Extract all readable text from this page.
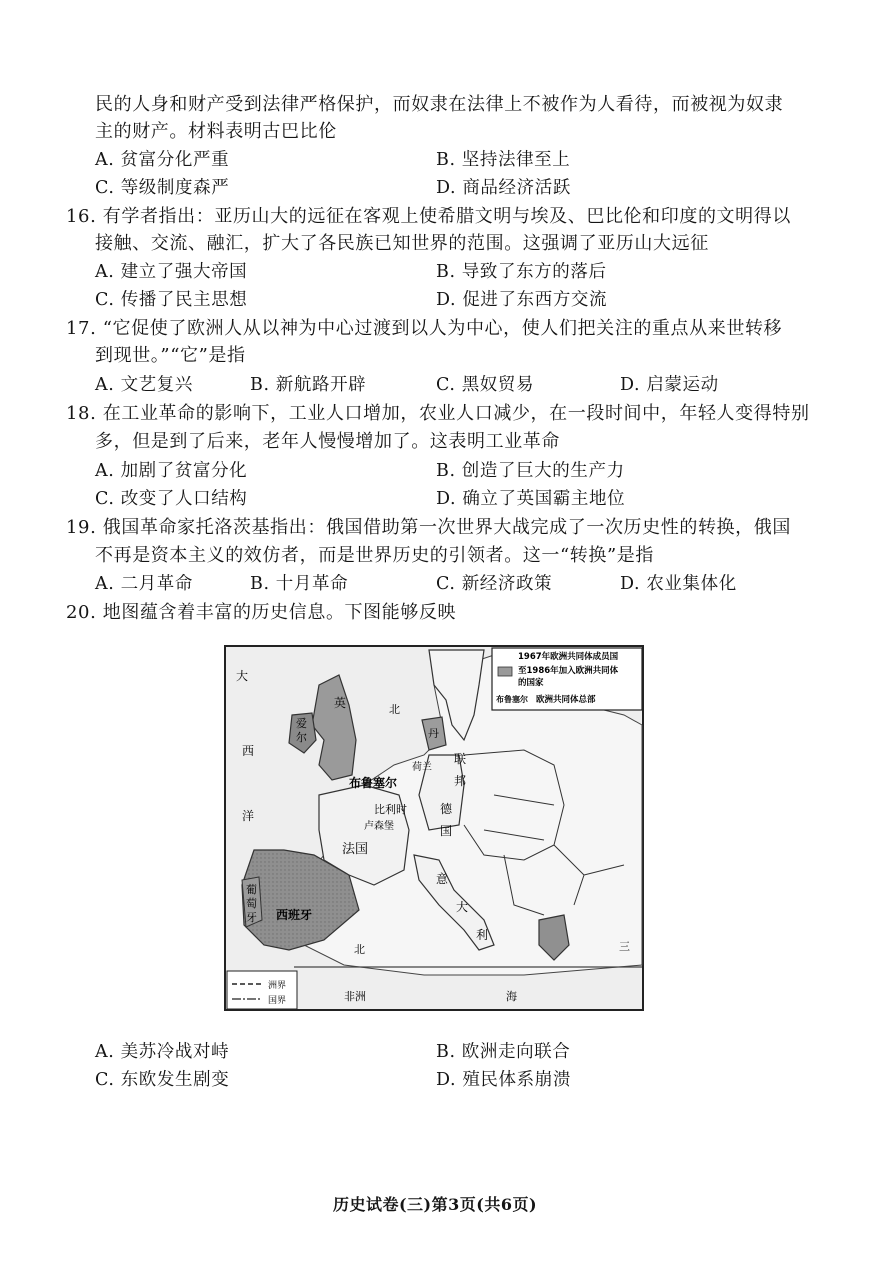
民的人身和财产受到法律严格保护，而奴隶在法律上不被作为人看待，而被视为奴隶
主的财产。材料表明古巴比伦
A. 贫富分化严重	B. 坚持法律至上
C. 等级制度森严	D. 商品经济活跃
16. 有学者指出：亚历山大的远征在客观上使希腊文明与埃及、巴比伦和印度的文明得以
接触、交流、融汇，扩大了各民族已知世界的范围。这强调了亚历山大远征
A. 建立了强大帝国	B. 导致了东方的落后
C. 传播了民主思想	D. 促进了东西方交流
17. “它促使了欧洲人从以神为中心过渡到以人为中心，使人们把关注的重点从来世转移
到现世。”“它”是指
A. 文艺复兴	B. 新航路开辟	C. 黑奴贸易	D. 启蒙运动
18. 在工业革命的影响下，工业人口增加，农业人口减少，在一段时间中，年轻人变得特别
多，但是到了后来，老年人慢慢增加了。这表明工业革命
A. 加剧了贫富分化	B. 创造了巨大的生产力
C. 改变了人口结构	D. 确立了英国霸主地位
19. 俄国革命家托洛茨基指出：俄国借助第一次世界大战完成了一次历史性的转换，俄国
不再是资本主义的效仿者，而是世界历史的引领者。这一“转换”是指
A. 二月革命	B. 十月革命	C. 新经济政策	D. 农业集体化
20. 地图蕴含着丰富的历史信息。下图能够反映
1967年欧洲共同体成员国
至1986年加入欧洲共同体
的国家
布鲁塞尔 欧洲共同体总部
洲界
国界
大
西
洋
爱
尔
英	北
丹
布鲁塞尔
荷兰
联
邦
德
国
比利时
卢森堡
法国
葡
萄
牙 西班牙
意
大
利
三
非洲
北
海
A. 美苏冷战对峙	B. 欧洲走向联合
C. 东欧发生剧变	D. 殖民体系崩溃
历史试卷(三)第3页(共6页)
